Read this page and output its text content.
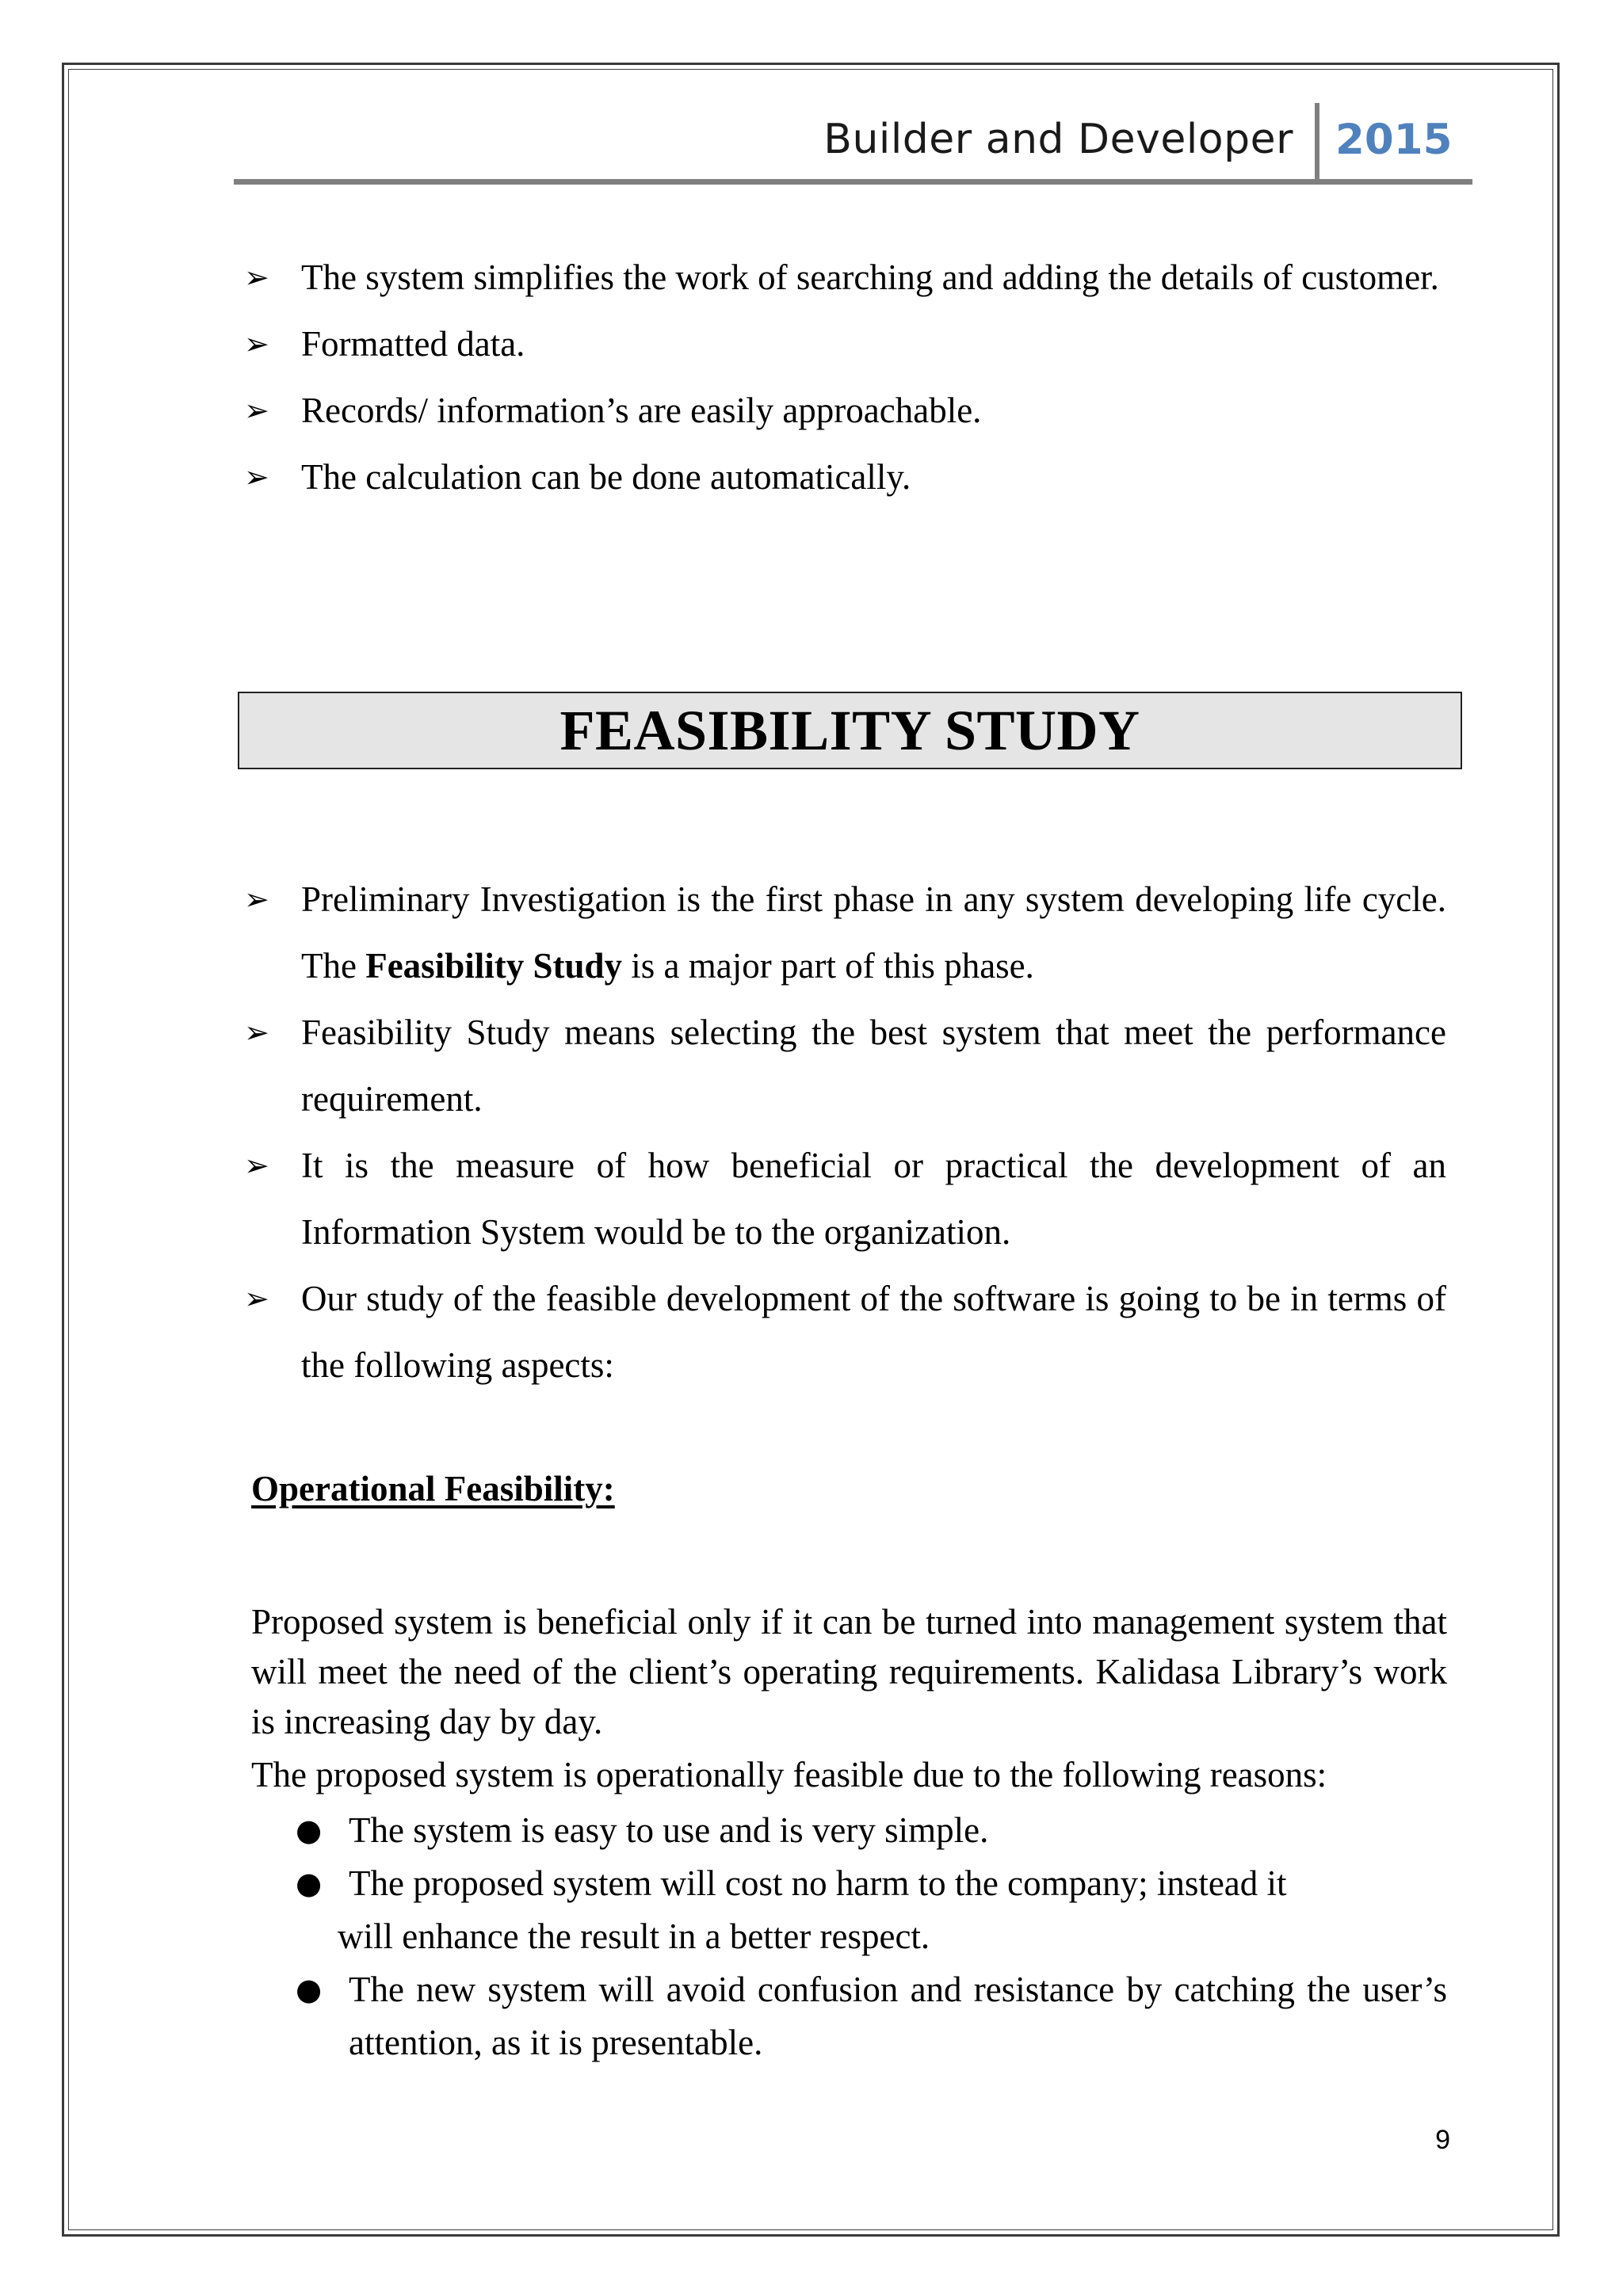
Builder and Developer 2015
➢ The system simplifies the work of searching and adding the details of customer.
➢ Formatted data.
➢ Records/ information’s are easily approachable.
➢ The calculation can be done automatically.
FEASIBILITY STUDY
➢ Preliminary Investigation is the first phase in any system developing life cycle. The Feasibility Study is a major part of this phase.
➢ Feasibility Study means selecting the best system that meet the performance requirement.
➢ It is the measure of how beneficial or practical the development of an Information System would be to the organization.
➢ Our study of the feasible development of the software is going to be in terms of the following aspects:
Operational Feasibility:

Proposed system is beneficial only if it can be turned into management system that will meet the need of the client’s operating requirements. Kalidasa Library’s work is increasing day by day.

The proposed system is operationally feasible due to the following reasons:

● The system is easy to use and is very simple.
● The proposed system will cost no harm to the company; instead it
will enhance the result in a better respect.
● The new system will avoid confusion and resistance by catching the user’s attention, as it is presentable.
9
